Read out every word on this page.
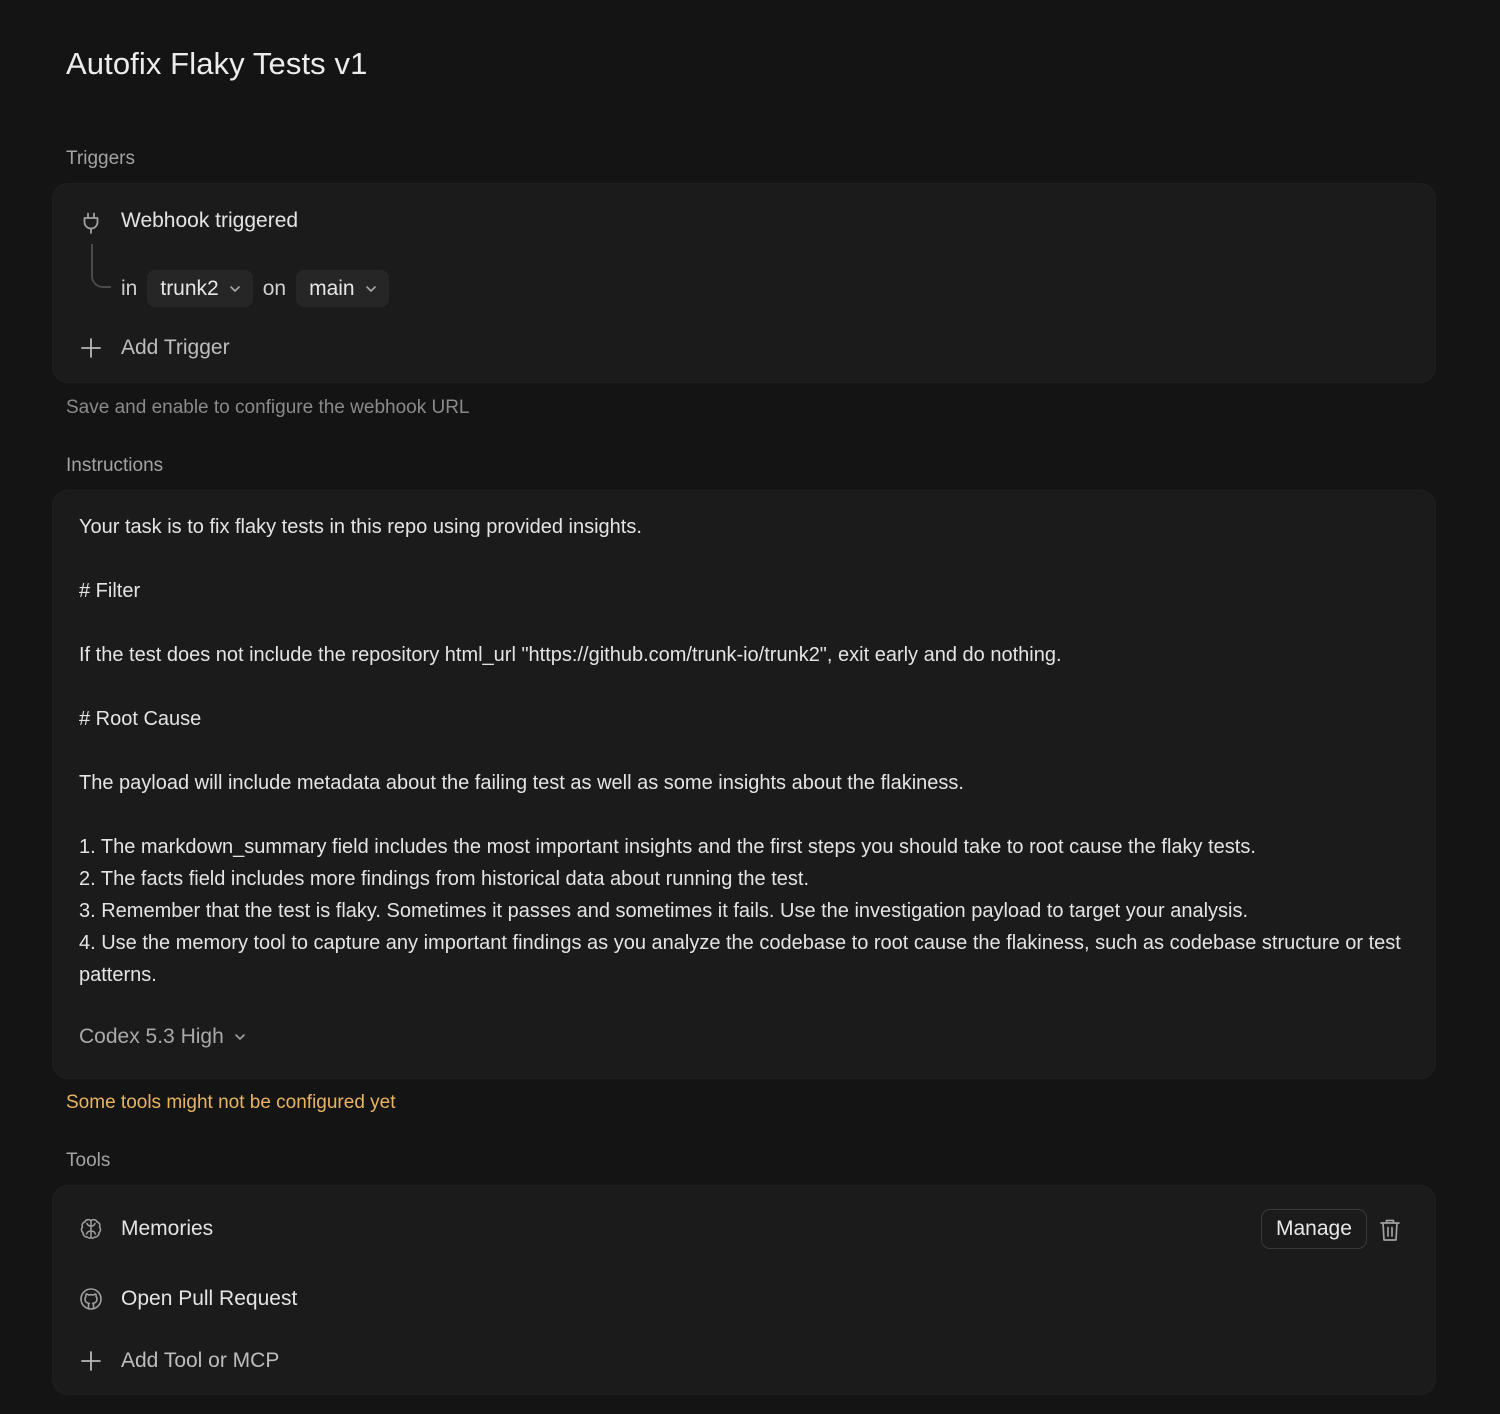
Autofix Flaky Tests v1
Triggers
Webhook triggered
in trunk2 on main
Add Trigger
Save and enable to configure the webhook URL
Instructions

Your task is to fix flaky tests in this repo using provided insights.

# Filter

If the test does not include the repository html_url "https://github.com/trunk-io/trunk2", exit early and do nothing.

# Root Cause

The payload will include metadata about the failing test as well as some insights about the flakiness.

1. The markdown_summary field includes the most important insights and the first steps you should take to root cause the flaky tests.

2. The facts field includes more findings from historical data about running the test.

3. Remember that the test is flaky. Sometimes it passes and sometimes it fails. Use the investigation payload to target your analysis.

4. Use the memory tool to capture any important findings as you analyze the codebase to root cause the flakiness, such as codebase structure or test patterns.

Codex 5.3 High
Some tools might not be configured yet
Tools
Memories	Manage
Open Pull Request
Add Tool or MCP
